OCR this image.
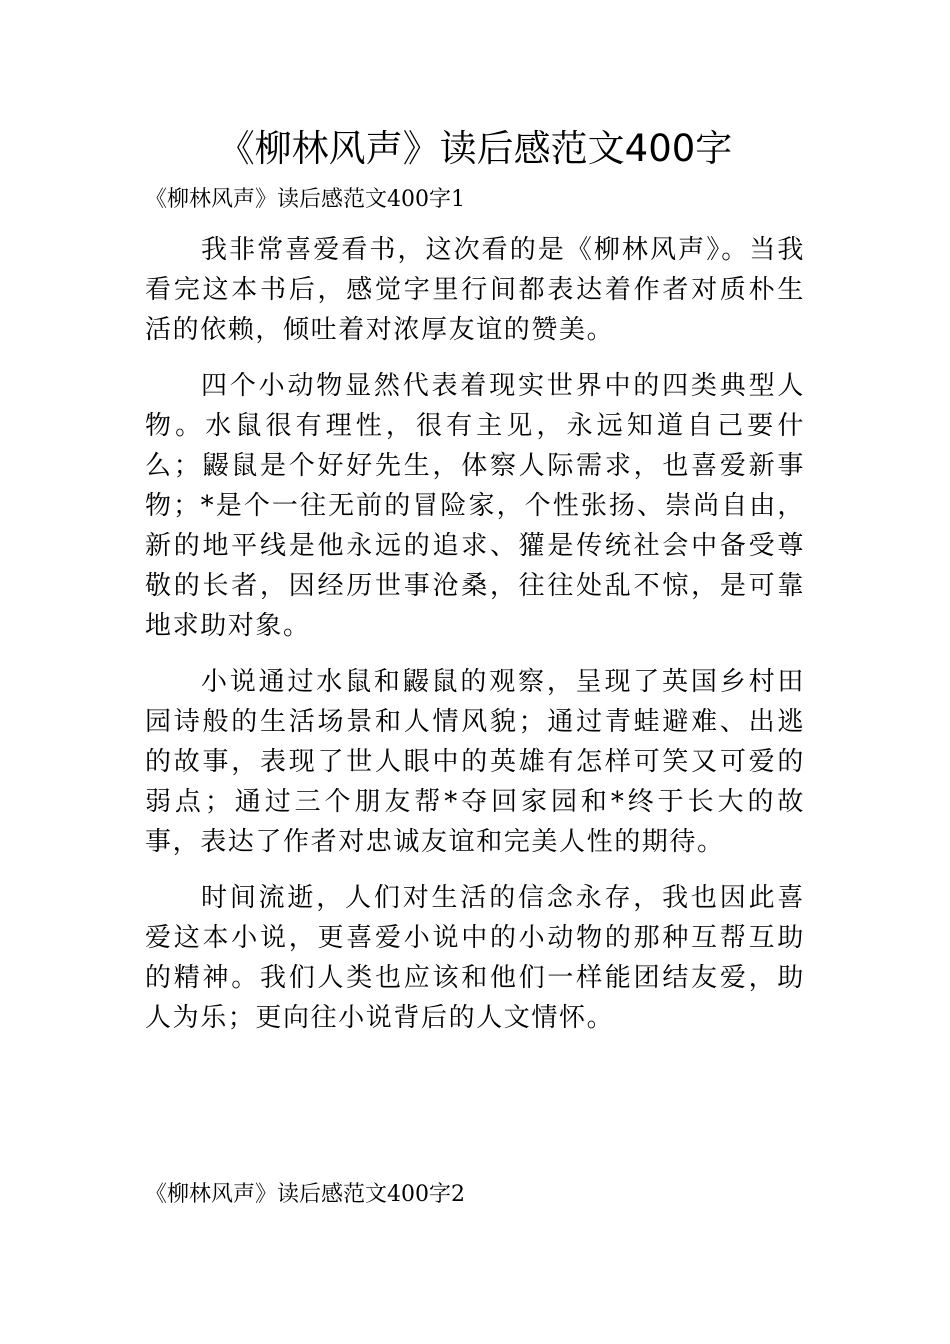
《柳林风声》读后感范文400字

《柳林风声》读后感范文400字1

我非常喜爱看书，这次看的是《柳林风声》。当我看完这本书后，感觉字里行间都表达着作者对质朴生活的依赖，倾吐着对浓厚友谊的赞美。

四个小动物显然代表着现实世界中的四类典型人物。水鼠很有理性，很有主见，永远知道自己要什么；鼹鼠是个好好先生，体察人际需求，也喜爱新事物；*是个一往无前的冒险家，个性张扬、崇尚自由，新的地平线是他永远的追求、獾是传统社会中备受尊敬的长者，因经历世事沧桑，往往处乱不惊，是可靠地求助对象。

小说通过水鼠和鼹鼠的观察，呈现了英国乡村田园诗般的生活场景和人情风貌；通过青蛙避难、出逃的故事，表现了世人眼中的英雄有怎样可笑又可爱的弱点；通过三个朋友帮*夺回家园和*终于长大的故事，表达了作者对忠诚友谊和完美人性的期待。

时间流逝，人们对生活的信念永存，我也因此喜爱这本小说，更喜爱小说中的小动物的那种互帮互助的精神。我们人类也应该和他们一样能团结友爱，助人为乐；更向往小说背后的人文情怀。

《柳林风声》读后感范文400字2
